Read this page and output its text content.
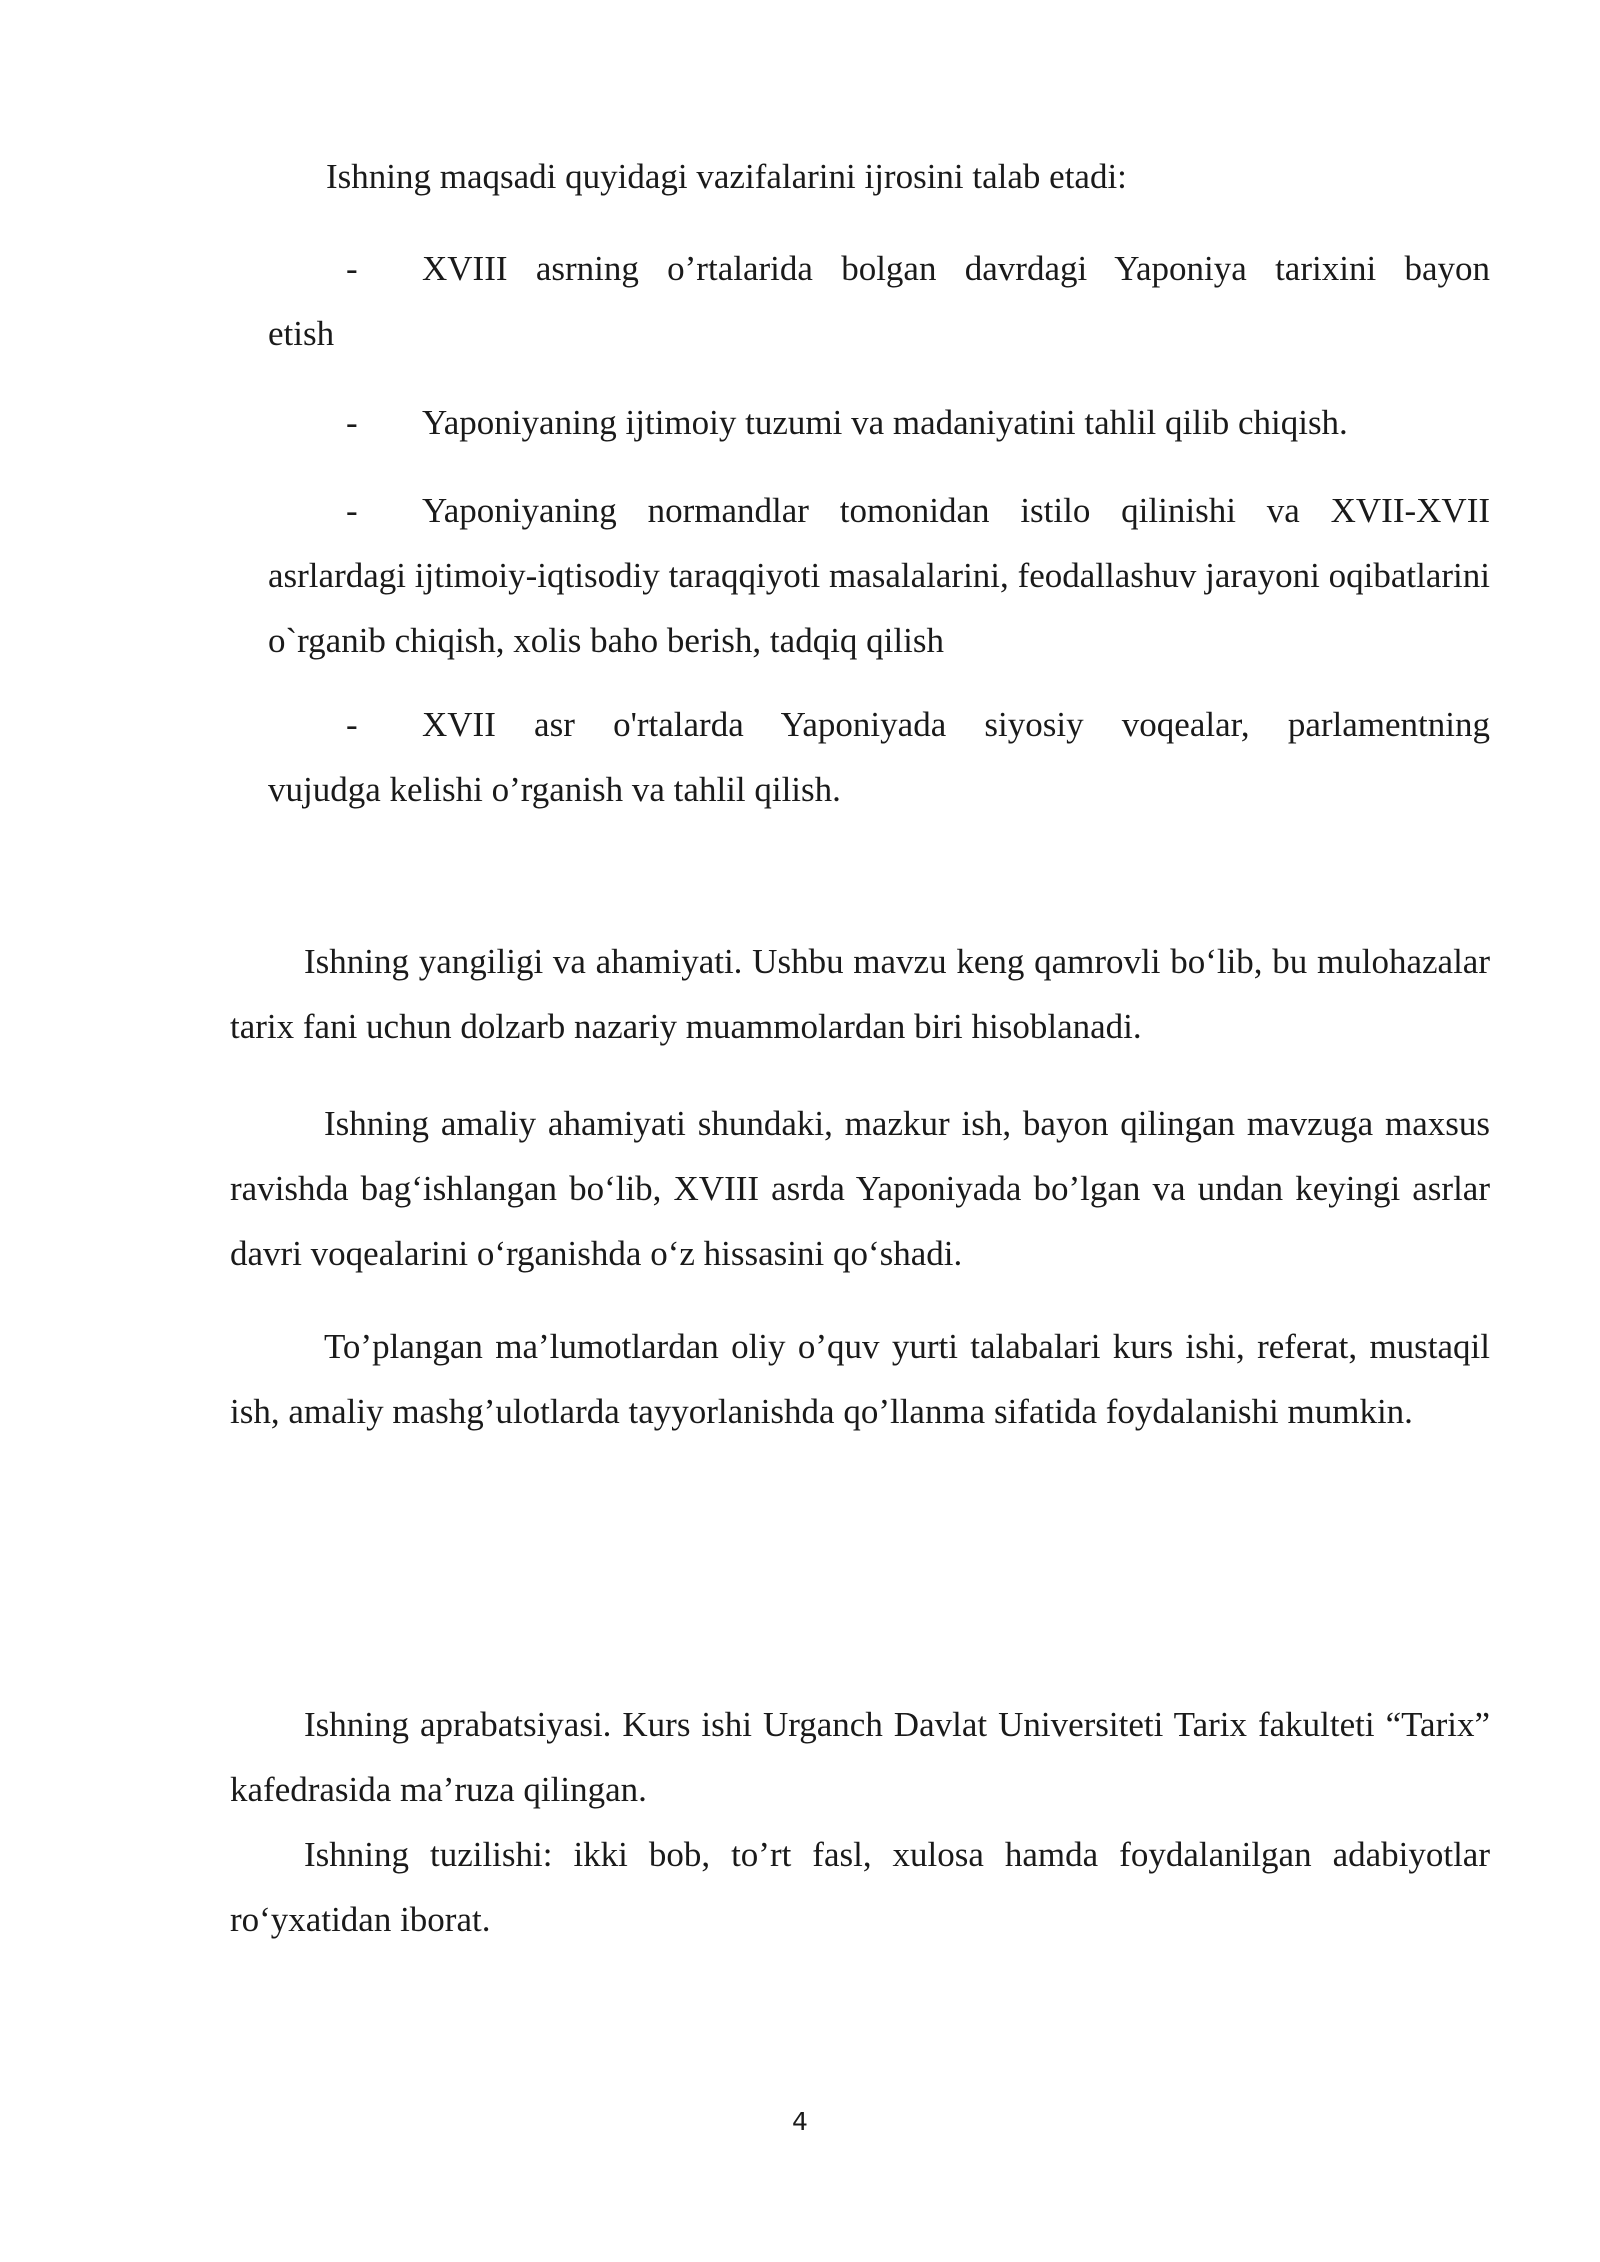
Ishning maqsadi quyidagi vazifalarini ijrosini talab etadi:
- XVIII asrning o’rtalarida bolgan davrdagi Yaponiya tarixini bayon
etish
- Yaponiyaning ijtimoiy tuzumi va madaniyatini tahlil qilib chiqish.
- Yaponiyaning normandlar tomonidan istilo qilinishi va XVII-XVII
asrlardagi ijtimoiy-iqtisodiy taraqqiyoti masalalarini, feodallashuv jarayoni oqibatlarini o`rganib chiqish, xolis baho berish, tadqiq qilish
- XVII asr o'rtalarda Yaponiyada siyosiy voqealar, parlamentning
vujudga kelishi o’rganish va tahlil qilish.
Ishning yangiligi va ahamiyati. Ushbu mavzu keng qamrovli bo‘lib, bu mulohazalar tarix fani uchun dolzarb nazariy muammolardan biri hisoblanadi.
Ishning amaliy ahamiyati shundaki, mazkur ish, bayon qilingan mavzuga maxsus ravishda bag‘ishlangan bo‘lib, XVIII asrda Yaponiyada bo’lgan va undan keyingi asrlar davri voqealarini o‘rganishda o‘z hissasini qo‘shadi.
To’plangan ma’lumotlardan oliy o’quv yurti talabalari kurs ishi, referat, mustaqil ish, amaliy mashg’ulotlarda tayyorlanishda qo’llanma sifatida foydalanishi mumkin.
Ishning aprabatsiyasi. Kurs ishi Urganch Davlat Universiteti Tarix fakulteti “Tarix” kafedrasida ma’ruza qilingan.
Ishning tuzilishi: ikki bob, to’rt fasl, xulosa hamda foydalanilgan adabiyotlar ro‘yxatidan iborat.
4
